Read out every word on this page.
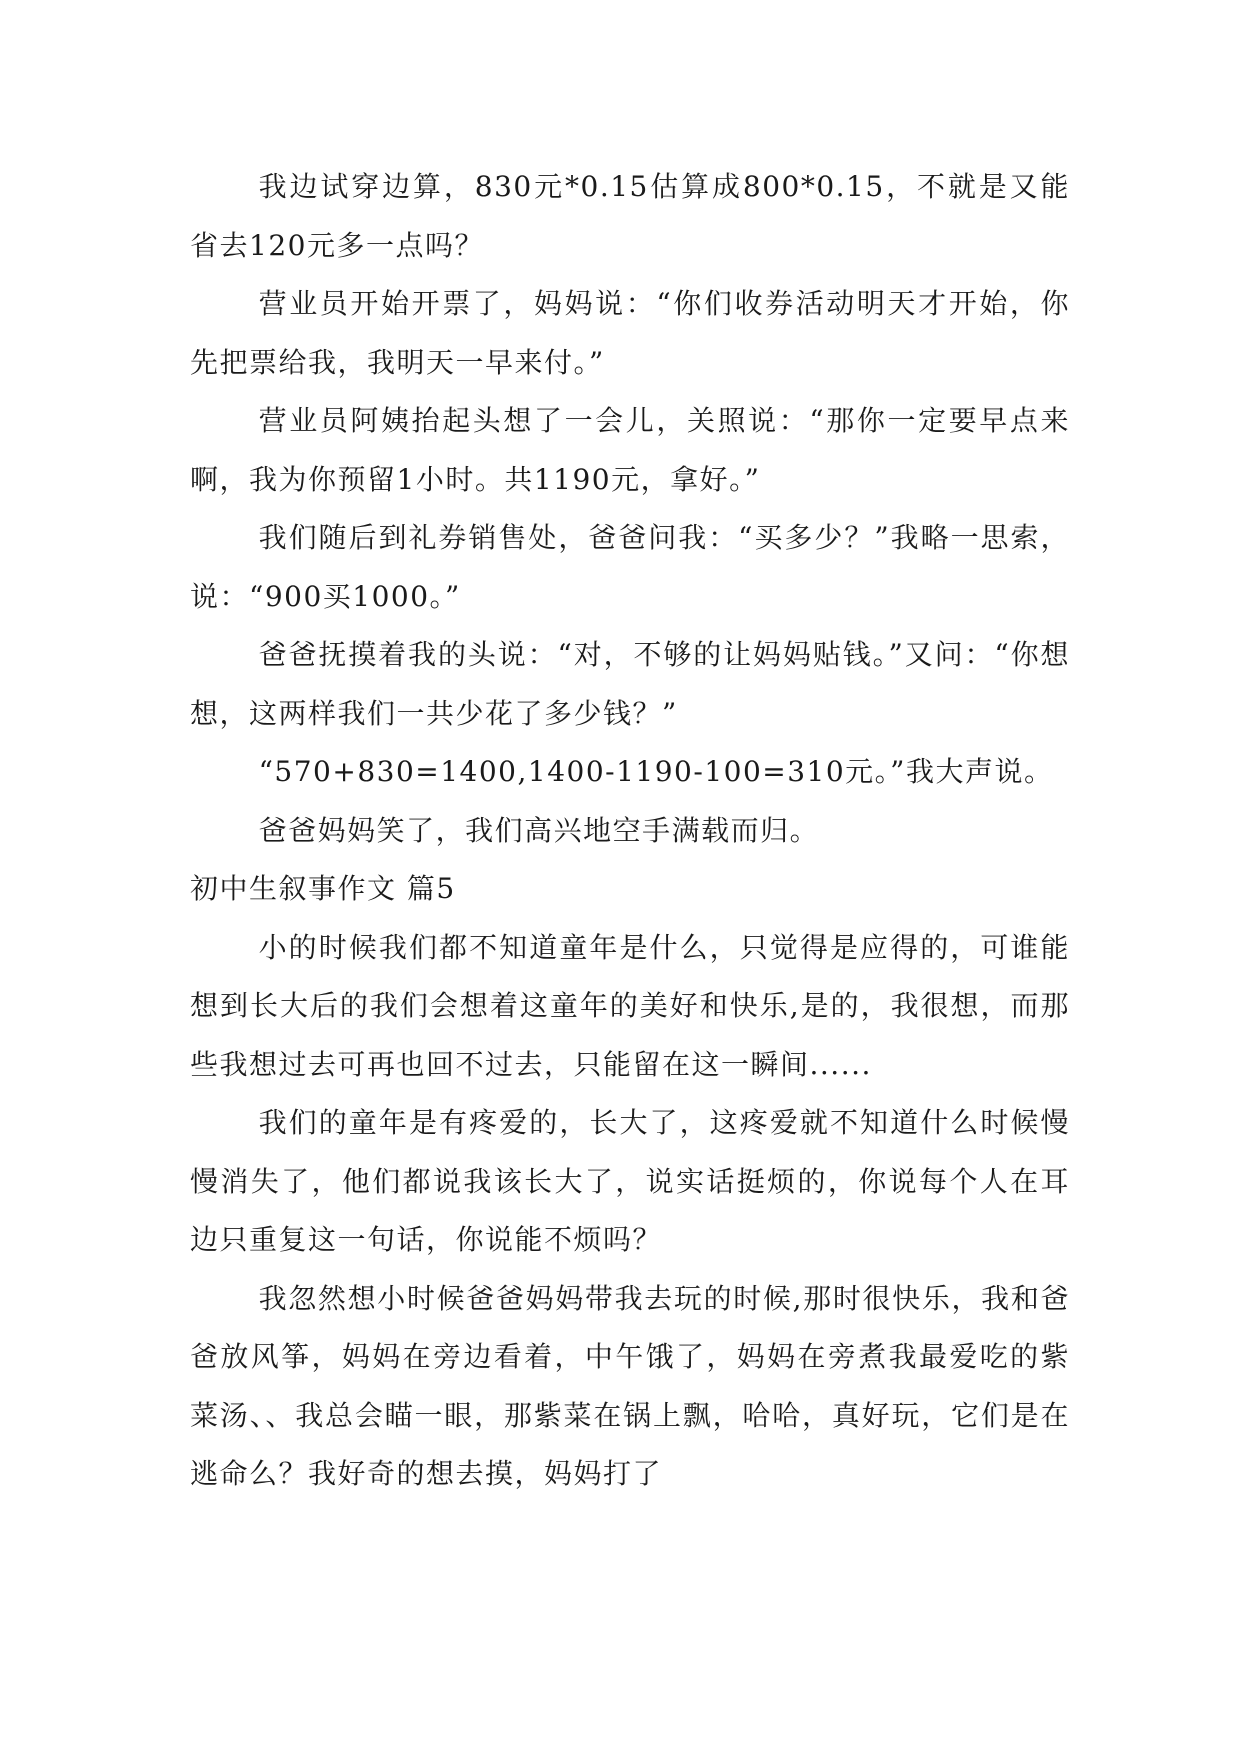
我边试穿边算，830元*0.15估算成800*0.15，不就是又能省去120元多一点吗？

营业员开始开票了，妈妈说：“你们收券活动明天才开始，你先把票给我，我明天一早来付。”

营业员阿姨抬起头想了一会儿，关照说：“那你一定要早点来啊，我为你预留1小时。共1190元，拿好。”

我们随后到礼券销售处，爸爸问我：“买多少？”我略一思索，说：“900买1000。”

爸爸抚摸着我的头说：“对，不够的让妈妈贴钱。”又问：“你想想，这两样我们一共少花了多少钱？”

“570+830=1400,1400-1190-100=310元。”我大声说。

爸爸妈妈笑了，我们高兴地空手满载而归。

初中生叙事作文 篇5

小的时候我们都不知道童年是什么，只觉得是应得的，可谁能想到长大后的我们会想着这童年的美好和快乐,是的，我很想，而那些我想过去可再也回不过去，只能留在这一瞬间......

我们的童年是有疼爱的，长大了，这疼爱就不知道什么时候慢慢消失了，他们都说我该长大了，说实话挺烦的，你说每个人在耳边只重复这一句话，你说能不烦吗？

我忽然想小时候爸爸妈妈带我去玩的时候,那时很快乐，我和爸爸放风筝，妈妈在旁边看着，中午饿了，妈妈在旁煮我最爱吃的紫菜汤、、我总会瞄一眼，那紫菜在锅上飘，哈哈，真好玩，它们是在逃命么？我好奇的想去摸，妈妈打了
